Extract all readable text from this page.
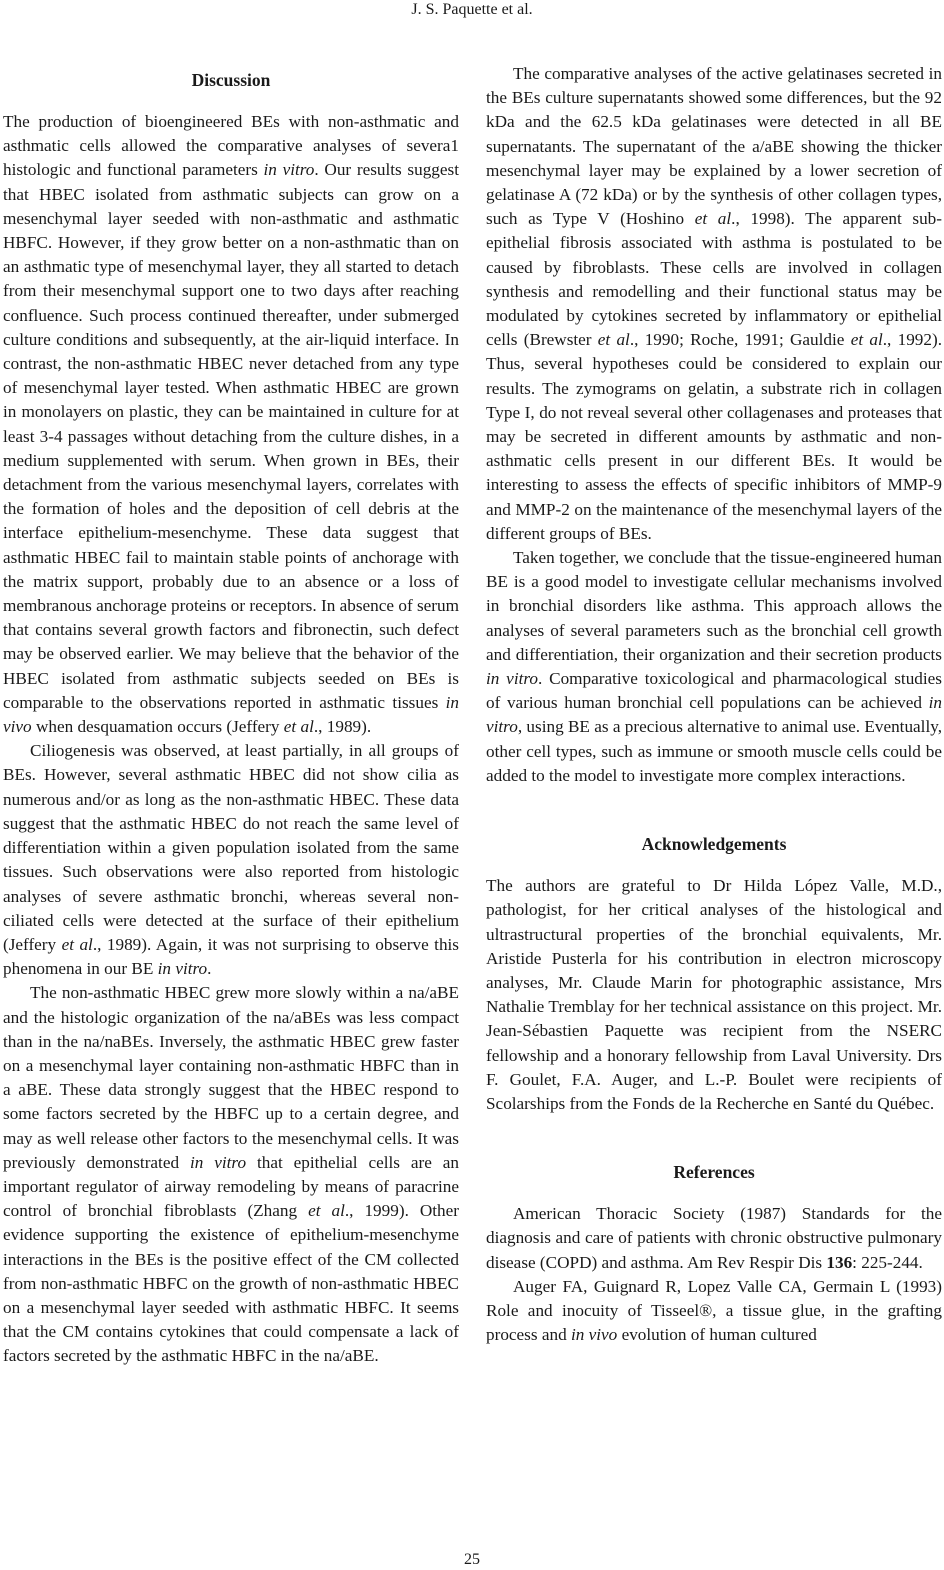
J. S. Paquette et al.
Discussion

The production of bioengineered BEs with non-asthmatic and asthmatic cells allowed the comparative analyses of severa1 histologic and functional parameters in vitro. Our results suggest that HBEC isolated from asthmatic subjects can grow on a mesenchymal layer seeded with non-asthmatic and asthmatic HBFC. However, if they grow better on a non-asthmatic than on an asthmatic type of mesenchymal layer, they all started to detach from their mesenchymal support one to two days after reaching confluence. Such process continued thereafter, under submerged culture conditions and subsequently, at the air-liquid interface. In contrast, the non-asthmatic HBEC never detached from any type of mesenchymal layer tested. When asthmatic HBEC are grown in monolayers on plastic, they can be maintained in culture for at least 3-4 passages without detaching from the culture dishes, in a medium supplemented with serum. When grown in BEs, their detachment from the various mesenchymal layers, correlates with the formation of holes and the deposition of cell debris at the interface epithelium-mesenchyme. These data suggest that asthmatic HBEC fail to maintain stable points of anchorage with the matrix support, probably due to an absence or a loss of membranous anchorage proteins or receptors. In absence of serum that contains several growth factors and fibronectin, such defect may be observed earlier. We may believe that the behavior of the HBEC isolated from asthmatic subjects seeded on BEs is comparable to the observations reported in asthmatic tissues in vivo when desquamation occurs (Jeffery et al., 1989).

Ciliogenesis was observed, at least partially, in all groups of BEs. However, several asthmatic HBEC did not show cilia as numerous and/or as long as the non-asthmatic HBEC. These data suggest that the asthmatic HBEC do not reach the same level of differentiation within a given population isolated from the same tissues. Such observations were also reported from histologic analyses of severe asthmatic bronchi, whereas several non-ciliated cells were detected at the surface of their epithelium (Jeffery et al., 1989). Again, it was not surprising to observe this phenomena in our BE in vitro.

The non-asthmatic HBEC grew more slowly within a na/aBE and the histologic organization of the na/aBEs was less compact than in the na/naBEs. Inversely, the asthmatic HBEC grew faster on a mesenchymal layer containing non-asthmatic HBFC than in a aBE. These data strongly suggest that the HBEC respond to some factors secreted by the HBFC up to a certain degree, and may as well release other factors to the mesenchymal cells. It was previously demonstrated in vitro that epithelial cells are an important regulator of airway remodeling by means of paracrine control of bronchial fibroblasts (Zhang et al., 1999). Other evidence supporting the existence of epithelium-mesenchyme interactions in the BEs is the positive effect of the CM collected from non-asthmatic HBFC on the growth of non-asthmatic HBEC on a mesenchymal layer seeded with asthmatic HBFC. It seems that the CM contains cytokines that could compensate a lack of factors secreted by the asthmatic HBFC in the na/aBE.

The comparative analyses of the active gelatinases secreted in the BEs culture supernatants showed some differences, but the 92 kDa and the 62.5 kDa gelatinases were detected in all BE supernatants. The supernatant of the a/aBE showing the thicker mesenchymal layer may be explained by a lower secretion of gelatinase A (72 kDa) or by the synthesis of other collagen types, such as Type V (Hoshino et al., 1998). The apparent sub-epithelial fibrosis associated with asthma is postulated to be caused by fibroblasts. These cells are involved in collagen synthesis and remodelling and their functional status may be modulated by cytokines secreted by inflammatory or epithelial cells (Brewster et al., 1990; Roche, 1991; Gauldie et al., 1992). Thus, several hypotheses could be considered to explain our results. The zymograms on gelatin, a substrate rich in collagen Type I, do not reveal several other collagenases and proteases that may be secreted in different amounts by asthmatic and non-asthmatic cells present in our different BEs. It would be interesting to assess the effects of specific inhibitors of MMP-9 and MMP-2 on the maintenance of the mesenchymal layers of the different groups of BEs.

Taken together, we conclude that the tissue-engineered human BE is a good model to investigate cellular mechanisms involved in bronchial disorders like asthma. This approach allows the analyses of several parameters such as the bronchial cell growth and differentiation, their organization and their secretion products in vitro. Comparative toxicological and pharmacological studies of various human bronchial cell populations can be achieved in vitro, using BE as a precious alternative to animal use. Eventually, other cell types, such as immune or smooth muscle cells could be added to the model to investigate more complex interactions.

Acknowledgements

The authors are grateful to Dr Hilda López Valle, M.D., pathologist, for her critical analyses of the histological and ultrastructural properties of the bronchial equivalents, Mr. Aristide Pusterla for his contribution in electron microscopy analyses, Mr. Claude Marin for photographic assistance, Mrs Nathalie Tremblay for her technical assistance on this project. Mr. Jean-Sébastien Paquette was recipient from the NSERC fellowship and a honorary fellowship from Laval University. Drs F. Goulet, F.A. Auger, and L.-P. Boulet were recipients of Scolarships from the Fonds de la Recherche en Santé du Québec.

References

American Thoracic Society (1987) Standards for the diagnosis and care of patients with chronic obstructive pulmonary disease (COPD) and asthma. Am Rev Respir Dis 136: 225-244.

Auger FA, Guignard R, Lopez Valle CA, Germain L (1993) Role and inocuity of Tisseel®, a tissue glue, in the grafting process and in vivo evolution of human cultured

25
